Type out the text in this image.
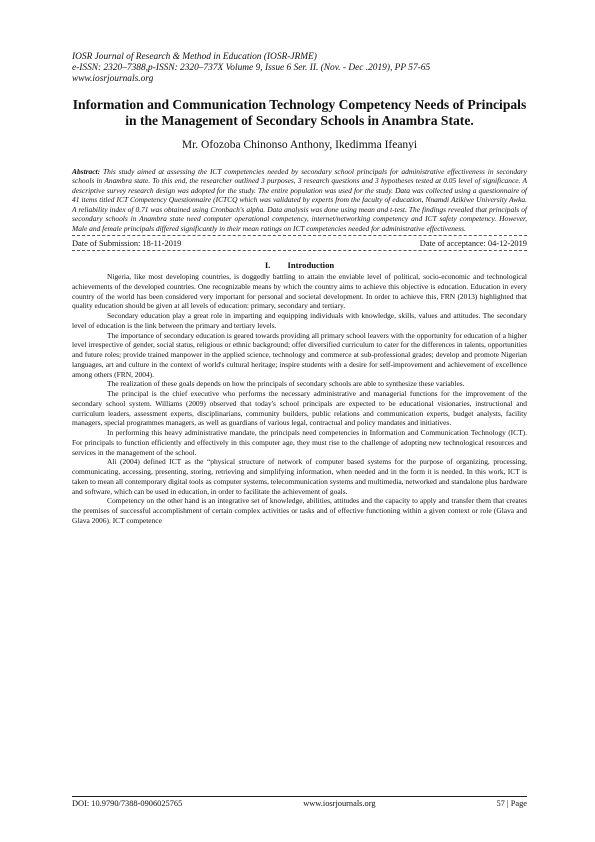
IOSR Journal of Research & Method in Education (IOSR-JRME)

e-ISSN: 2320–7388,p-ISSN: 2320–737X Volume 9, Issue 6 Ser. II. (Nov. - Dec .2019), PP 57-65

www.iosrjournals.org

Information and Communication Technology Competency Needs of Principals in the Management of Secondary Schools in Anambra State.

Mr. Ofozoba Chinonso Anthony, Ikedimma Ifeanyi

Abstract: This study aimed at assessing the ICT competencies needed by secondary school principals for administrative effectiveness in secondary schools in Anambra state. To this end, the researcher outlined 3 purposes, 3 research questions and 3 hypotheses tested at 0.05 level of significance. A descriptive survey research design was adopted for the study. The entire population was used for the study. Data was collected using a questionnaire of 41 items titled ICT Competency Questionnaire (ICTCQ which was validated by experts from the faculty of education, Nnamdi Azikiwe University Awka. A reliability index of 0.71 was obtained using Cronbach's alpha. Data analysis was done using mean and t-test. The findings revealed that principals of secondary schools in Anambra state need computer operational competency, internet/networking competency and ICT safety competency. However, Male and female principals differed significantly in their mean ratings on ICT competencies needed for administrative effectiveness.

Date of Submission: 18-11-2019	Date of acceptance: 04-12-2019
I.        Introduction

Nigeria, like most developing countries, is doggedly battling to attain the enviable level of political, socio-economic and technological achievements of the developed countries. One recognizable means by which the country aims to achieve this objective is education. Education in every country of the world has been considered very important for personal and societal development. In order to achieve this, FRN (2013) highlighted that quality education should be given at all levels of education: primary, secondary and tertiary.

Secondary education play a great role in imparting and equipping individuals with knowledge, skills, values and attitudes. The secondary level of education is the link between the primary and tertiary levels.

The importance of secondary education is geared towards providing all primary school leavers with the opportunity for education of a higher level irrespective of gender, social status, religious or ethnic background; offer diversified curriculum to cater for the differences in talents, opportunities and future roles; provide trained manpower in the applied science, technology and commerce at sub-professional grades; develop and promote Nigerian languages, art and culture in the context of world's cultural heritage; inspire students with a desire for self-improvement and achievement of excellence among others (FRN, 2004).

The realization of these goals depends on how the principals of secondary schools are able to synthesize these variables.

The principal is the chief executive who performs the necessary administrative and managerial functions for the improvement of the secondary school system. Williams (2009) observed that today's school principals are expected to be educational visionaries, instructional and curriculum leaders, assessment experts, disciplinarians, community builders, public relations and communication experts, budget analysts, facility managers, special programmes managers, as well as guardians of various legal, contractual and policy mandates and initiatives.

In performing this heavy administrative mandate, the principals need competencies in Information and Communication Technology (ICT). For principals to function efficiently and effectively in this computer age, they must rise to the challenge of adopting new technological resources and services in the management of the school.

Ali (2004) defined ICT as the “physical structure of network of computer based systems for the purpose of organizing, processing, communicating, accessing, presenting, storing, retrieving and simplifying information, when needed and in the form it is needed. In this work, ICT is taken to mean all contemporary digital tools as computer systems, telecommunication systems and multimedia, networked and standalone plus hardware and software, which can be used in education, in order to facilitate the achievement of goals.

Competency on the other hand is an integrative set of knowledge, abilities, attitudes and the capacity to apply and transfer them that creates the premises of successful accomplishment of certain complex activities or tasks and of effective functioning within a given context or role (Glava and Glava 2006). ICT competence

DOI: 10.9790/7388-0906025765	www.iosrjournals.org	57 | Page
